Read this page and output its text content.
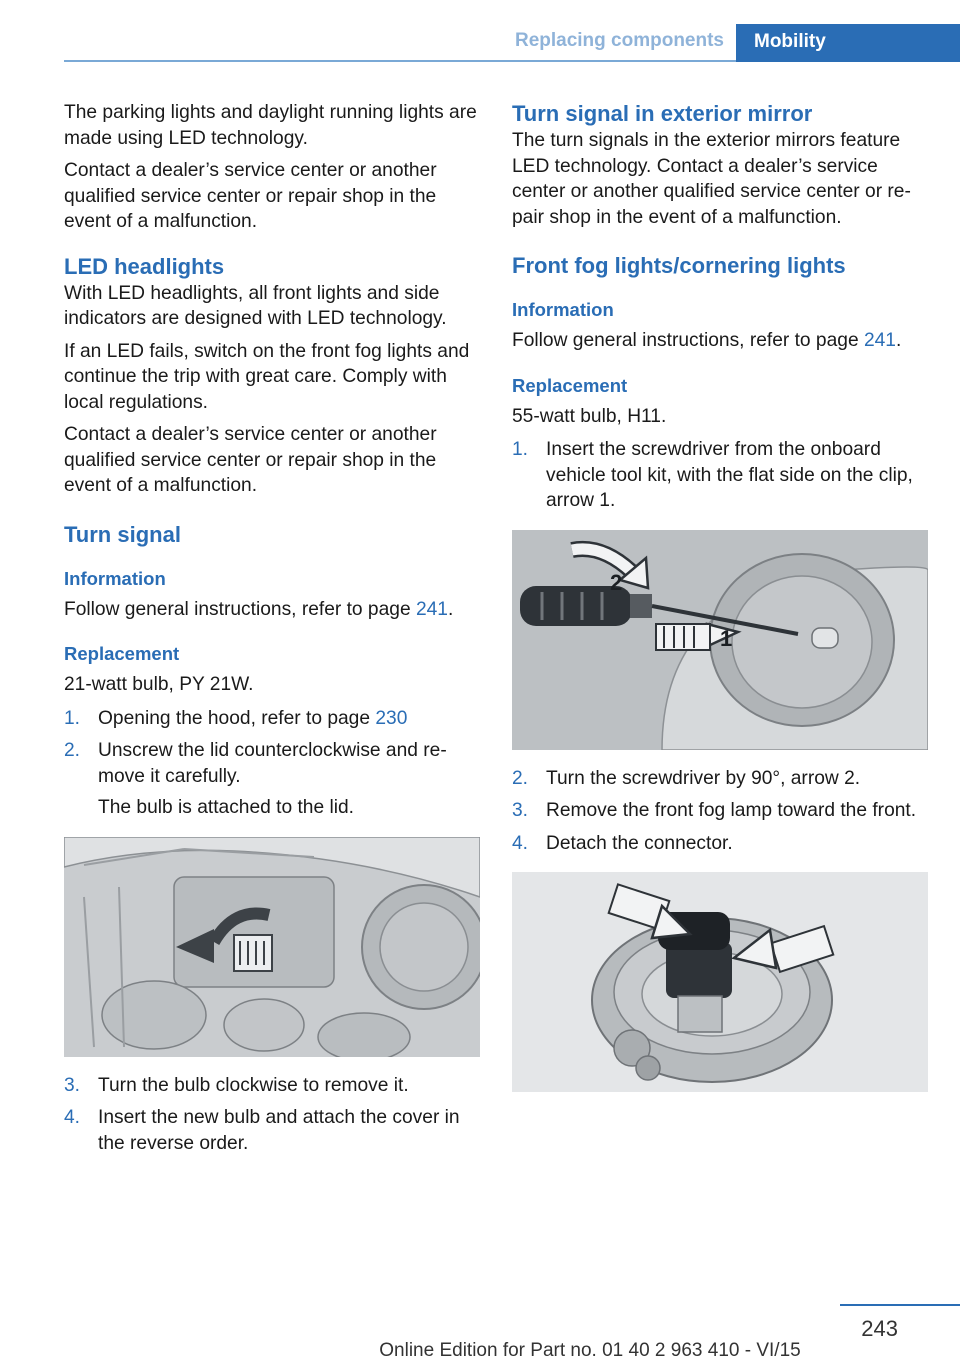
Replacing components	Mobility

The parking lights and daylight running lights are made using LED technology.

Contact a dealer’s service center or another qualified service center or repair shop in the event of a malfunction.

LED headlights

With LED headlights, all front lights and side indicators are designed with LED technology.

If an LED fails, switch on the front fog lights and continue the trip with great care. Comply with local regulations.

Contact a dealer’s service center or another qualified service center or repair shop in the event of a malfunction.

Turn signal
Information

Follow general instructions, refer to page 241.

Replacement

21-watt bulb, PY 21W.

1. Opening the hood, refer to page 230
2. Unscrew the lid counterclockwise and re‐ move it carefully.
The bulb is attached to the lid.
3. Turn the bulb clockwise to remove it.
4. Insert the new bulb and attach the cover in the reverse order.
Turn signal in exterior mirror

The turn signals in the exterior mirrors feature LED technology. Contact a dealer’s service center or another qualified service center or re‐ pair shop in the event of a malfunction.

Front fog lights/cornering lights
Information

Follow general instructions, refer to page 241.

Replacement

55-watt bulb, H11.

1. Insert the screwdriver from the onboard vehicle tool kit, with the flat side on the clip, arrow 1.
1
2
2. Turn the screwdriver by 90°, arrow 2.
3. Remove the front fog lamp toward the front.
4. Detach the connector.
243
Online Edition for Part no. 01 40 2 963 410 - VI/15
